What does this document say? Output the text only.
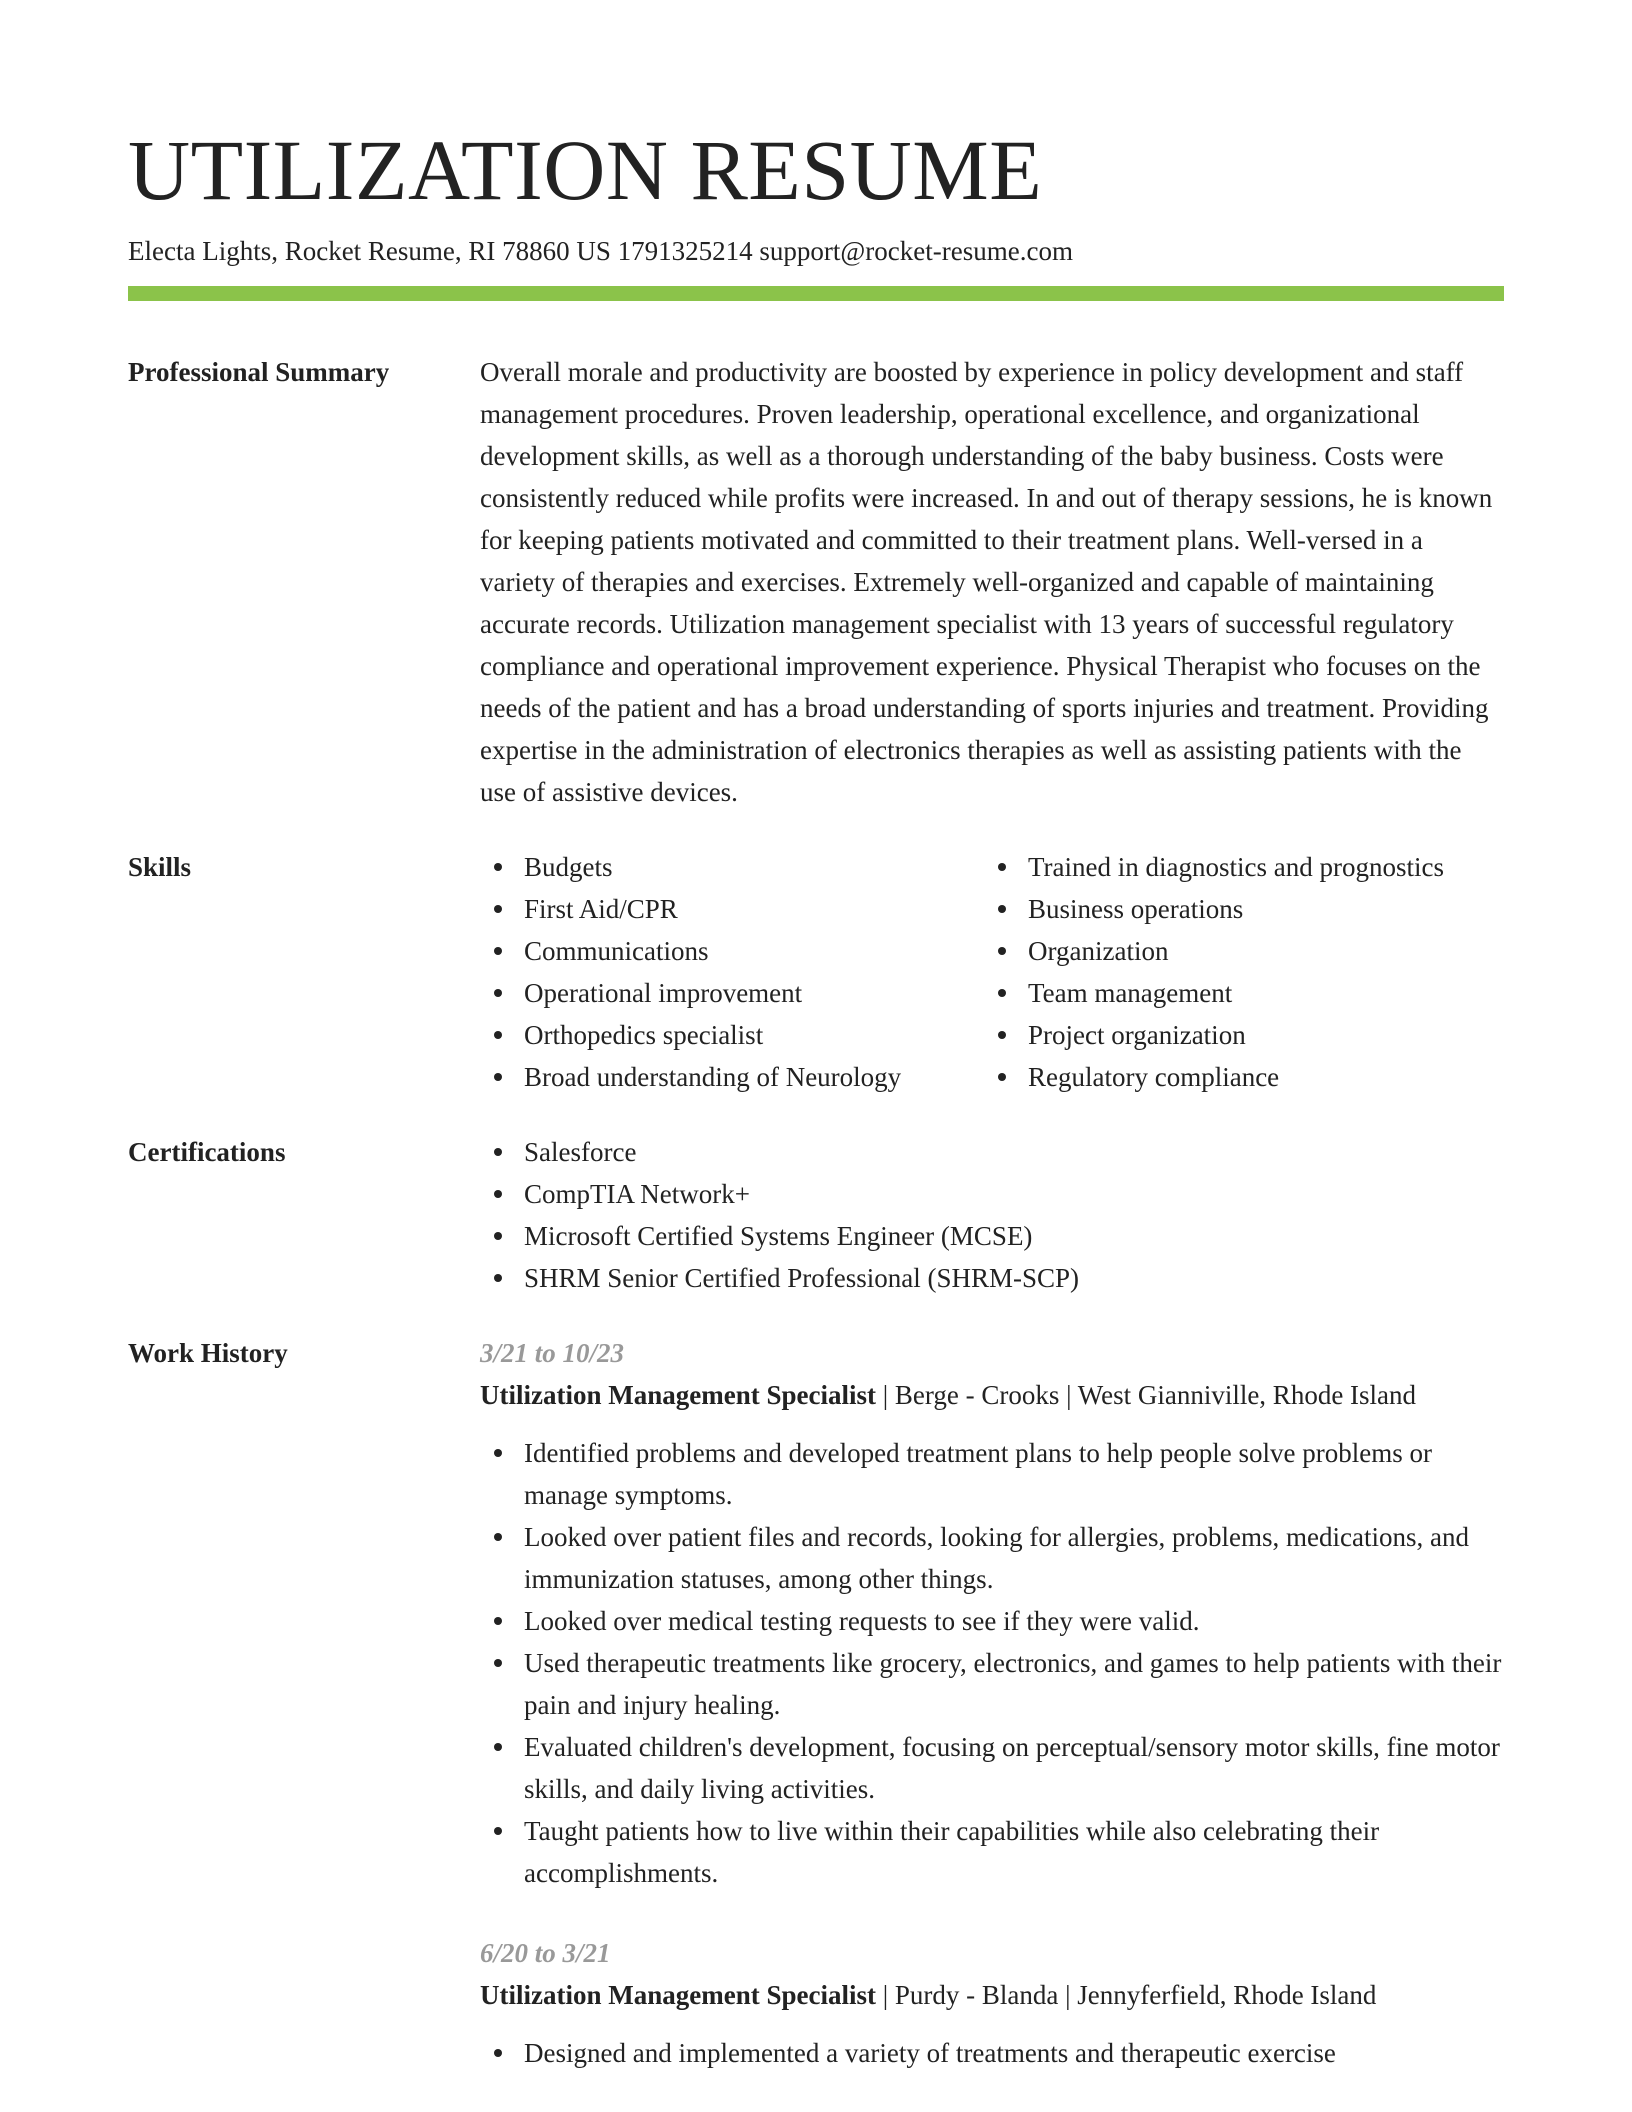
UTILIZATION RESUME
Electa Lights, Rocket Resume, RI 78860 US 1791325214 support@rocket-resume.com
Professional Summary	Overall morale and productivity are boosted by experience in policy development and staff management procedures. Proven leadership, operational excellence, and organizational development skills, as well as a thorough understanding of the baby business. Costs were consistently reduced while profits were increased. In and out of therapy sessions, he is known for keeping patients motivated and committed to their treatment plans. Well-versed in a variety of therapies and exercises. Extremely well-organized and capable of maintaining accurate records. Utilization management specialist with 13 years of successful regulatory compliance and operational improvement experience. Physical Therapist who focuses on the needs of the patient and has a broad understanding of sports injuries and treatment. Providing expertise in the administration of electronics therapies as well as assisting patients with the use of assistive devices.
Skills	Budgets
First Aid/CPR
Communications
Operational improvement
Orthopedics specialist
Broad understanding of Neurology
Trained in diagnostics and prognostics
Business operations
Organization
Team management
Project organization
Regulatory compliance
Certifications	Salesforce
CompTIA Network+
Microsoft Certified Systems Engineer (MCSE)
SHRM Senior Certified Professional (SHRM-SCP)
Work History	3/21 to 10/23
Utilization Management Specialist | Berge - Crooks | West Gianniville, Rhode Island
Identified problems and developed treatment plans to help people solve problems or manage symptoms.
Looked over patient files and records, looking for allergies, problems, medications, and immunization statuses, among other things.
Looked over medical testing requests to see if they were valid.
Used therapeutic treatments like grocery, electronics, and games to help patients with their pain and injury healing.
Evaluated children's development, focusing on perceptual/sensory motor skills, fine motor skills, and daily living activities.
Taught patients how to live within their capabilities while also celebrating their accomplishments.
6/20 to 3/21
Utilization Management Specialist | Purdy - Blanda | Jennyferfield, Rhode Island
Designed and implemented a variety of treatments and therapeutic exercise
